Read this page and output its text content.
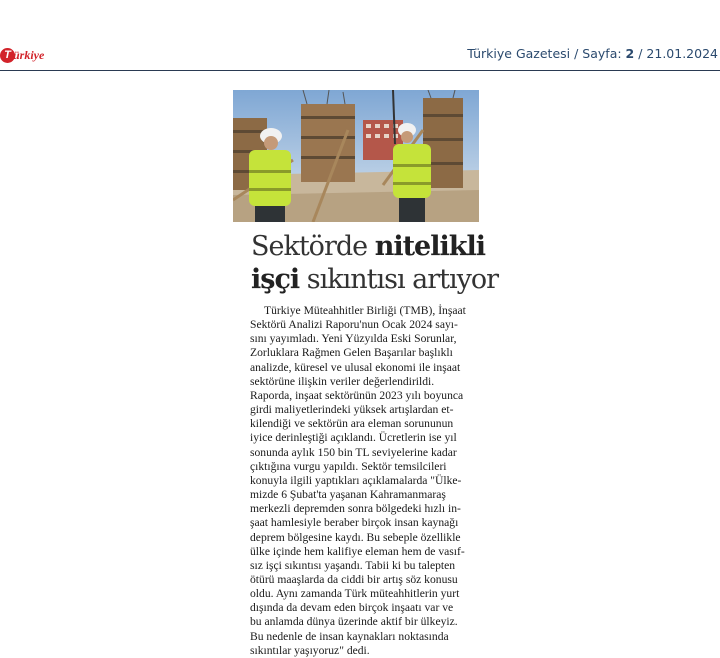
T ürkiye	Türkiye Gazetesi / Sayfa: 2 / 21.01.2024
Sektörde nitelikli
işçi sıkıntısı artıyor
Türkiye Müteahhitler Birliği (TMB), İnşaat
Sektörü Analizi Raporu'nun Ocak 2024 sayı-
sını yayımladı. Yeni Yüzyılda Eski Sorunlar,
Zorluklara Rağmen Gelen Başarılar başlıklı
analizde, küresel ve ulusal ekonomi ile inşaat
sektörüne ilişkin veriler değerlendirildi.
Raporda, inşaat sektörünün 2023 yılı boyunca
girdi maliyetlerindeki yüksek artışlardan et-
kilendiği ve sektörün ara eleman sorununun
iyice derinleştiği açıklandı. Ücretlerin ise yıl
sonunda aylık 150 bin TL seviyelerine kadar
çıktığına vurgu yapıldı. Sektör temsilcileri
konuyla ilgili yaptıkları açıklamalarda "Ülke-
mizde 6 Şubat'ta yaşanan Kahramanmaraş
merkezli depremden sonra bölgedeki hızlı in-
şaat hamlesiyle beraber birçok insan kaynağı
deprem bölgesine kaydı. Bu sebeple özellikle
ülke içinde hem kalifiye eleman hem de vasıf-
sız işçi sıkıntısı yaşandı. Tabii ki bu talepten
ötürü maaşlarda da ciddi bir artış söz konusu
oldu. Aynı zamanda Türk müteahhitlerin yurt
dışında da devam eden birçok inşaatı var ve
bu anlamda dünya üzerinde aktif bir ülkeyiz.
Bu nedenle de insan kaynakları noktasında
sıkıntılar yaşıyoruz" dedi.
